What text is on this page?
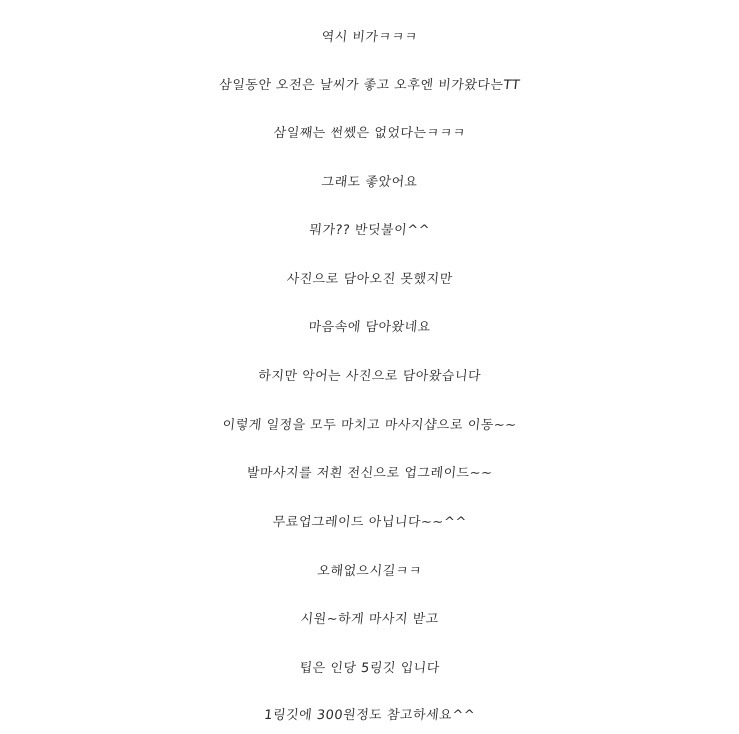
역시 비가ㅋㅋㅋ
삼일동안 오전은 날씨가 좋고 오후엔 비가왔다는TT
삼일째는 썬쎘은 없었다는ㅋㅋㅋ
그래도 좋았어요
뭐가?? 반딧불이^^
사진으로 담아오진 못했지만
마음속에 담아왔네요
하지만 악어는 사진으로 담아왔습니다
이렇게 일정을 모두 마치고 마사지샵으로 이동~~
발마사지를 저흰 전신으로 업그레이드~~
무료업그레이드 아닙니다~~^^
오해없으시길ㅋㅋ
시원~하게 마사지 받고
팁은 인당 5링깃 입니다
1링깃에 300원정도 참고하세요^^
